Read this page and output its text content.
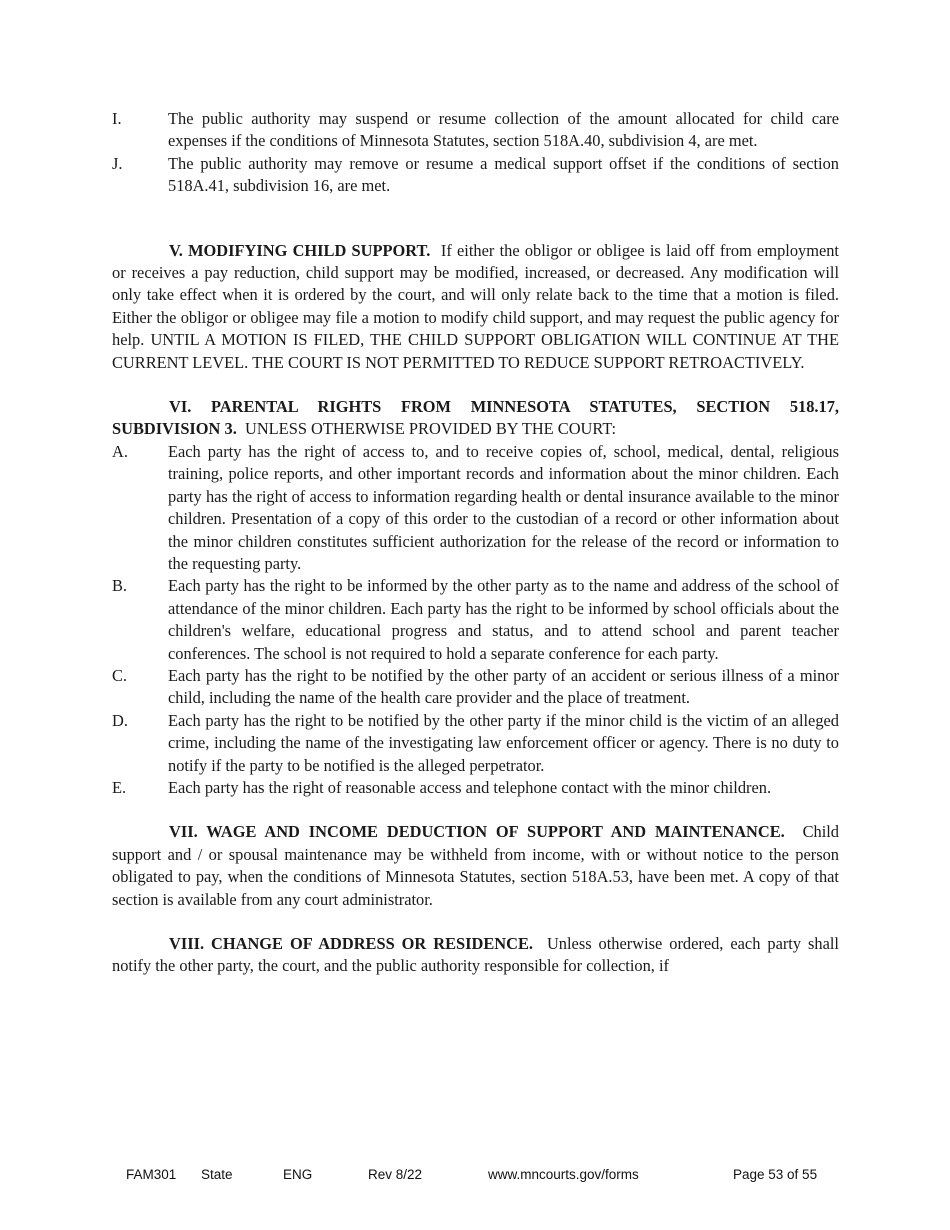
I.	The public authority may suspend or resume collection of the amount allocated for child care expenses if the conditions of Minnesota Statutes, section 518A.40, subdivision 4, are met.
J.	The public authority may remove or resume a medical support offset if the conditions of section 518A.41, subdivision 16, are met.
V. MODIFYING CHILD SUPPORT. If either the obligor or obligee is laid off from employment or receives a pay reduction, child support may be modified, increased, or decreased. Any modification will only take effect when it is ordered by the court, and will only relate back to the time that a motion is filed. Either the obligor or obligee may file a motion to modify child support, and may request the public agency for help. UNTIL A MOTION IS FILED, THE CHILD SUPPORT OBLIGATION WILL CONTINUE AT THE CURRENT LEVEL. THE COURT IS NOT PERMITTED TO REDUCE SUPPORT RETROACTIVELY.
VI. PARENTAL RIGHTS FROM MINNESOTA STATUTES, SECTION 518.17, SUBDIVISION 3. UNLESS OTHERWISE PROVIDED BY THE COURT:
A. Each party has the right of access to, and to receive copies of, school, medical, dental, religious training, police reports, and other important records and information about the minor children. Each party has the right of access to information regarding health or dental insurance available to the minor children. Presentation of a copy of this order to the custodian of a record or other information about the minor children constitutes sufficient authorization for the release of the record or information to the requesting party.
B. Each party has the right to be informed by the other party as to the name and address of the school of attendance of the minor children. Each party has the right to be informed by school officials about the children's welfare, educational progress and status, and to attend school and parent teacher conferences. The school is not required to hold a separate conference for each party.
C. Each party has the right to be notified by the other party of an accident or serious illness of a minor child, including the name of the health care provider and the place of treatment.
D. Each party has the right to be notified by the other party if the minor child is the victim of an alleged crime, including the name of the investigating law enforcement officer or agency. There is no duty to notify if the party to be notified is the alleged perpetrator.
E.	Each party has the right of reasonable access and telephone contact with the minor children.
VII. WAGE AND INCOME DEDUCTION OF SUPPORT AND MAINTENANCE. Child support and / or spousal maintenance may be withheld from income, with or without notice to the person obligated to pay, when the conditions of Minnesota Statutes, section 518A.53, have been met. A copy of that section is available from any court administrator.
VIII. CHANGE OF ADDRESS OR RESIDENCE. Unless otherwise ordered, each party shall notify the other party, the court, and the public authority responsible for collection, if
FAM301 State	ENG	Rev 8/22	www.mncourts.gov/forms	Page 53 of 55
